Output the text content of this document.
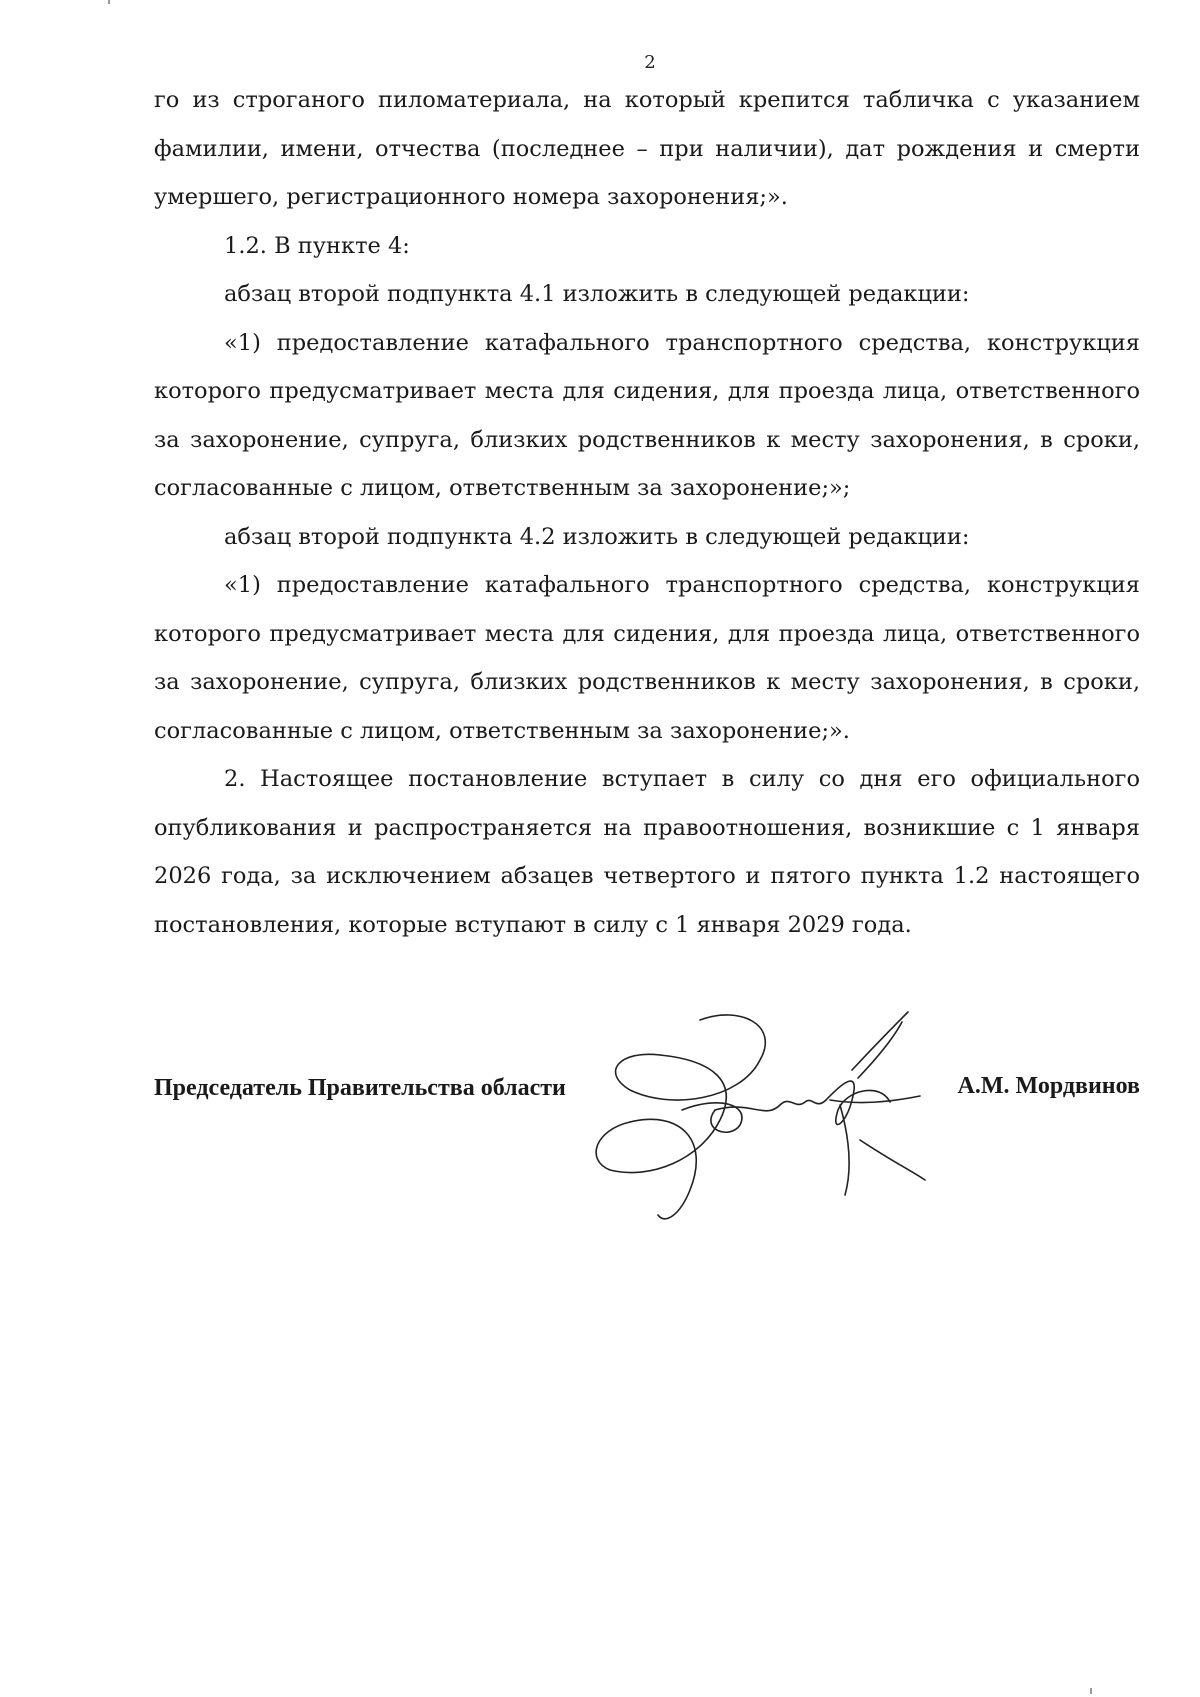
2

го из строганого пиломатериала, на который крепится табличка с указанием фамилии, имени, отчества (последнее – при наличии), дат рождения и смерти умершего, регистрационного номера захоронения;».

1.2. В пункте 4:

абзац второй подпункта 4.1 изложить в следующей редакции:

«1) предоставление катафального транспортного средства, конструкция которого предусматривает места для сидения, для проезда лица, ответственного за захоронение, супруга, близких родственников к месту захоронения, в сроки, согласованные с лицом, ответственным за захоронение;»;

абзац второй подпункта 4.2 изложить в следующей редакции:

«1) предоставление катафального транспортного средства, конструкция которого предусматривает места для сидения, для проезда лица, ответственного за захоронение, супруга, близких родственников к месту захоронения, в сроки, согласованные с лицом, ответственным за захоронение;».

2. Настоящее постановление вступает в силу со дня его официального опубликования и распространяется на правоотношения, возникшие с 1 января 2026 года, за исключением абзацев четвертого и пятого пункта 1.2 настоящего постановления, которые вступают в силу с 1 января 2029 года.

Председатель Правительства области	А.М. Мордвинов
